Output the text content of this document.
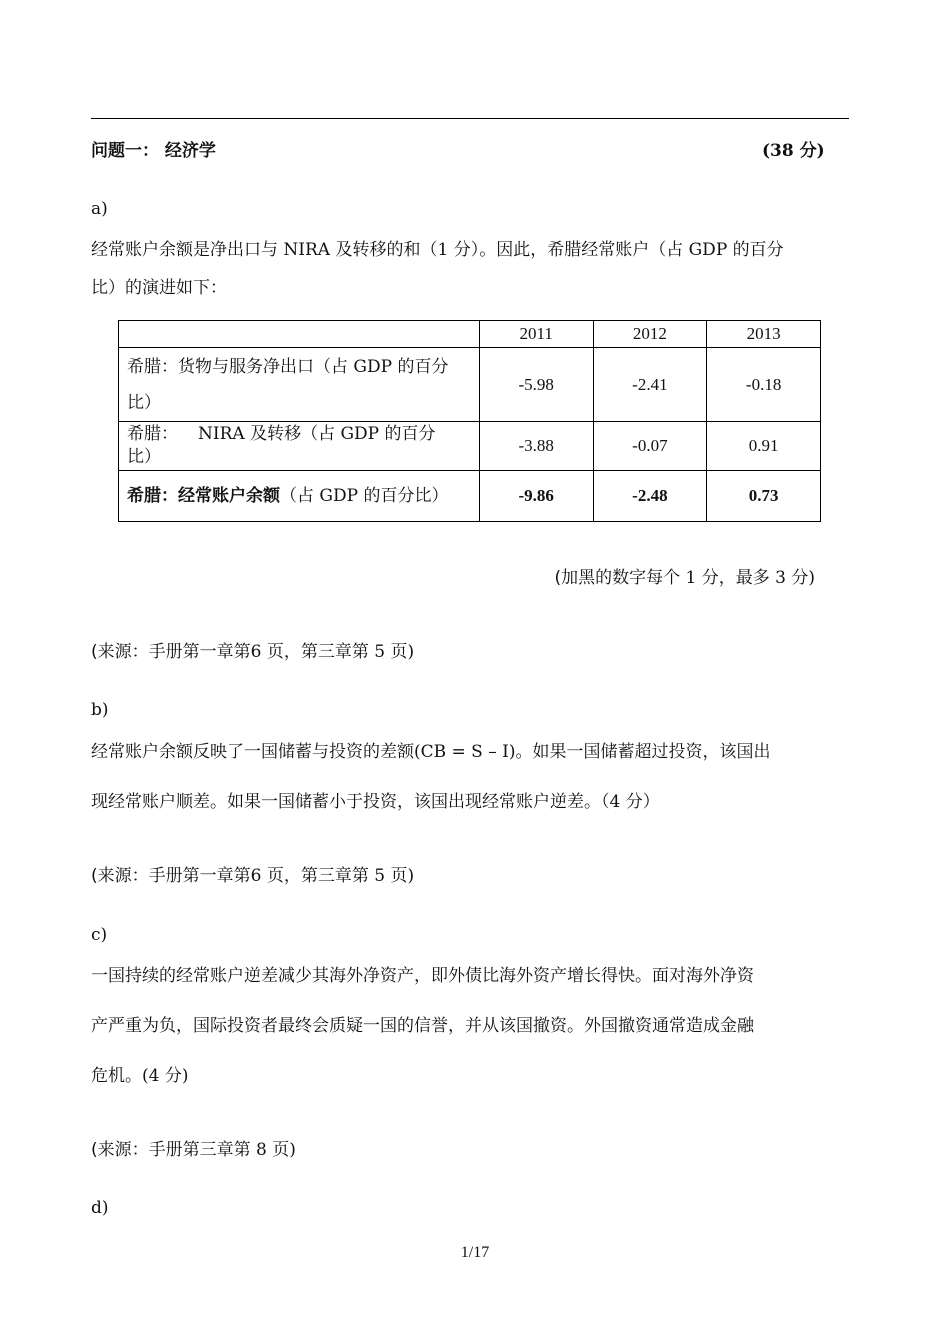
问题一： 经济学	(38 分)
a)
经常账户余额是净出口与 NIRA 及转移的和（1 分）。因此，希腊经常账户（占 GDP 的百分
比）的演进如下：
	2011	2012	2013
希腊：货物与服务净出口（占 GDP 的百分
比）	-5.98	-2.41	-0.18
希腊： NIRA 及转移（占 GDP 的百分
比）	-3.88	-0.07	0.91
希腊：经常账户余额（占 GDP 的百分比）	-9.86	-2.48	0.73
(加黑的数字每个 1 分，最多 3 分)
(来源：手册第一章第6 页，第三章第 5 页)
b)
经常账户余额反映了一国储蓄与投资的差额(CB = S – I)。如果一国储蓄超过投资，该国出
现经常账户顺差。如果一国储蓄小于投资，该国出现经常账户逆差。（4 分）
(来源：手册第一章第6 页，第三章第 5 页)
c)
一国持续的经常账户逆差减少其海外净资产，即外债比海外资产增长得快。面对海外净资
产严重为负，国际投资者最终会质疑一国的信誉，并从该国撤资。外国撤资通常造成金融
危机。(4 分)
(来源：手册第三章第 8 页)
d)
1/17
